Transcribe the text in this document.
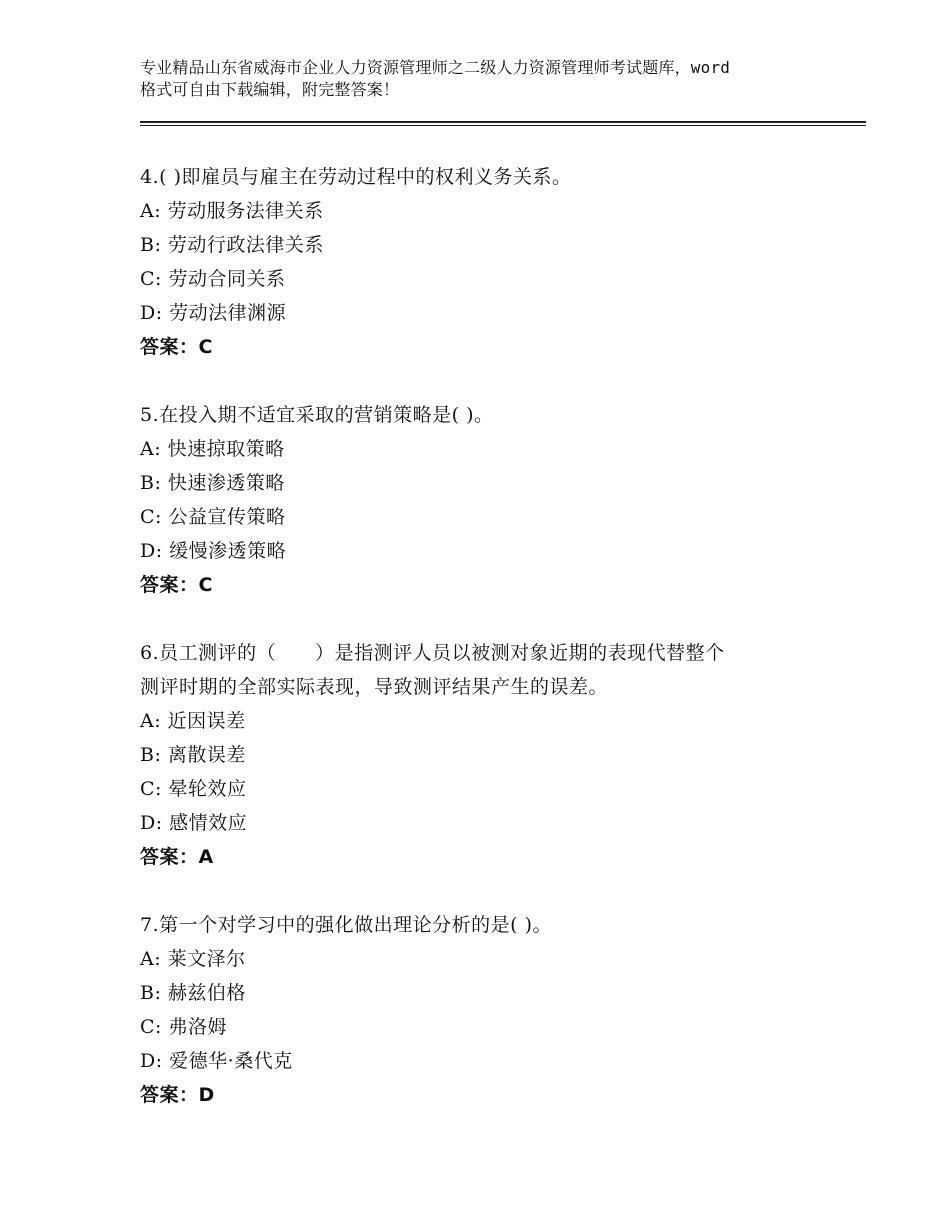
专业精品山东省威海市企业人力资源管理师之二级人力资源管理师考试题库，word
格式可自由下载编辑，附完整答案！
4.( )即雇员与雇主在劳动过程中的权利义务关系。
A: 劳动服务法律关系
B: 劳动行政法律关系
C: 劳动合同关系
D: 劳动法律渊源
答案：C
5.在投入期不适宜采取的营销策略是( )。
A: 快速掠取策略
B: 快速渗透策略
C: 公益宣传策略
D: 缓慢渗透策略
答案：C
6.员工测评的（　　）是指测评人员以被测对象近期的表现代替整个
测评时期的全部实际表现，导致测评结果产生的误差。
A: 近因误差
B: 离散误差
C: 晕轮效应
D: 感情效应
答案：A
7.第一个对学习中的强化做出理论分析的是( )。
A: 莱文泽尔
B: 赫兹伯格
C: 弗洛姆
D: 爱德华·桑代克
答案：D
